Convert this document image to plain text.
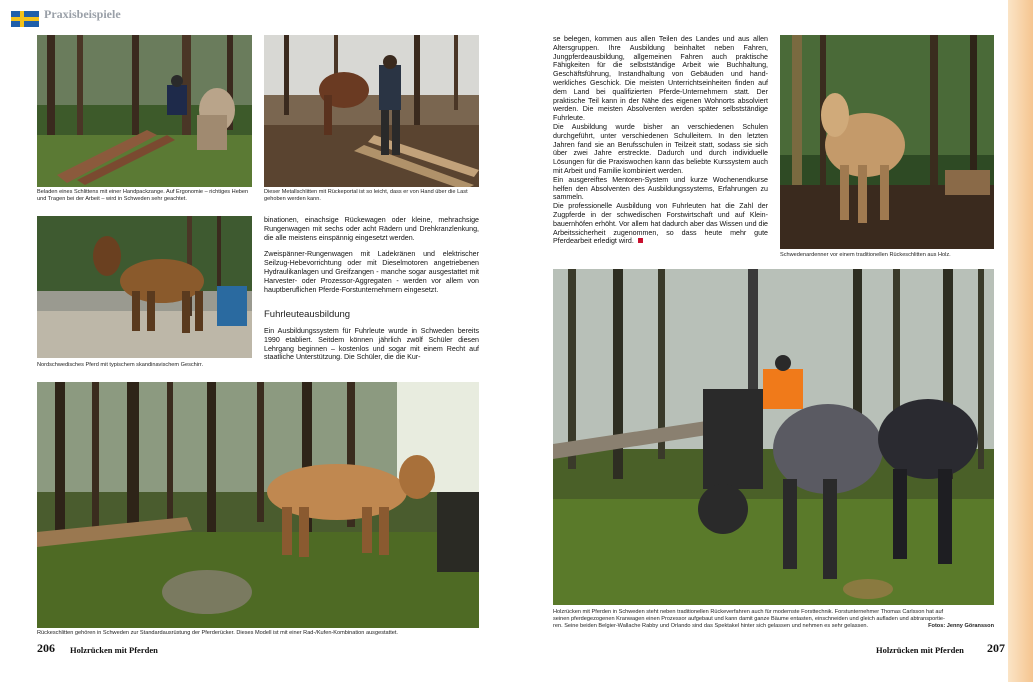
Praxisbeispiele
Beladen eines Schlittens mit einer Handpackzange. Auf Ergonomie – richtiges Heben und Tragen bei der Arbeit – wird in Schweden sehr geachtet.
Dieser Metallschlitten mit Rückeportal ist so leicht, dass er von Hand über die Last gehoben werden kann.
Nordschwedisches Pferd mit typischem skandinavischem Geschirr.

binationen, einachsige Rückewagen oder kleine, mehrachsige Rungenwagen mit sechs oder acht Rädern und Drehkranzlenkung, die alle meistens einspännig eingesetzt werden.

Zweispänner-Rungenwagen mit Ladekränen und elektrischer Seilzug-Hebevorrichtung oder mit Dieselmotoren angetriebenen Hydraulikanlagen und Greifzangen - manche sogar ausgestattet mit Harvester- oder Prozessor-Aggregaten - werden vor allem von hauptberuflichen Pferde-Forstunternehmern eingesetzt.

Fuhrleuteausbildung
Ein Ausbildungssystem für Fuhrleute wurde in Schweden bereits 1990 etabliert. Seitdem können jährlich zwölf Schüler diesen Lehrgang beginnen – kostenlos und sogar mit einem Recht auf staatliche Unterstützung. Die Schüler, die die Kur-
Rückeschlitten gehören in Schweden zur Standardausrüstung der Pferderücker. Dieses Modell ist mit einer Rad-/Kufen-Kombination ausgestattet.

se belegen, kommen aus allen Teilen des Landes und aus allen Altersgruppen. Ihre Ausbildung beinhaltet neben Fahren, Jungpferdeausbildung, allgemeinen Fahren auch praktische Fähigkeiten für die selbstständige Arbeit wie Buchhaltung, Geschäftsführung, Instandhaltung von Gebäuden und handwerkliches Geschick. Die meisten Unterrichtseinheiten finden auf dem Land bei qualifizierten Pferde-Unternehmern statt. Der praktische Teil kann in der Nähe des eigenen Wohnorts absolviert werden. Die meisten Absolventen werden später selbstständige Fuhrleute.

Die Ausbildung wurde bisher an verschiedenen Schulen durchgeführt, unter verschiedenen Schulleitern. In den letzten Jahren fand sie an Berufsschulen in Teilzeit statt, sodass sie sich über zwei Jahre erstreckte. Dadurch und durch individuelle Lösungen für die Praxiswochen kann das beliebte Kurssystem auch mit Arbeit und Familie kombiniert werden.

Ein ausgereiftes Mentoren-System und kurze Wochenendkurse helfen den Absolventen des Ausbildungssystems, Erfahrungen zu sammeln.

Die professionelle Ausbildung von Fuhrleuten hat die Zahl der Zugpferde in der schwedischen Forstwirtschaft und auf Kleinbauernhöfen erhöht. Vor allem hat dadurch aber das Wissen und die Arbeitssicherheit zugenommen, so dass heute mehr gute Pferdearbeit erledigt wird.

Schwedenardenner vor einem traditionellen Rückeschlitten aus Holz.
Holzrücken mit Pferden in Schweden steht neben traditionellen Rückeverfahren auch für modernste Forsttechnik. Forstunternehmer Thomas Carlsson hat auf
seinen pferdegezogenen Kranwagen einen Prozessor aufgebaut und kann damit ganze Bäume entasten, einschneiden und gleich aufladen und abtransportie-
ren. Seine beiden Belgier-Wallache Rabby und Orlando sind das Spektakel hinter sich gelassen und nehmen es sehr gelassen.	Fotos: Jenny Göransson
206 Holzrücken mit Pferden	Holzrücken mit Pferden 207
